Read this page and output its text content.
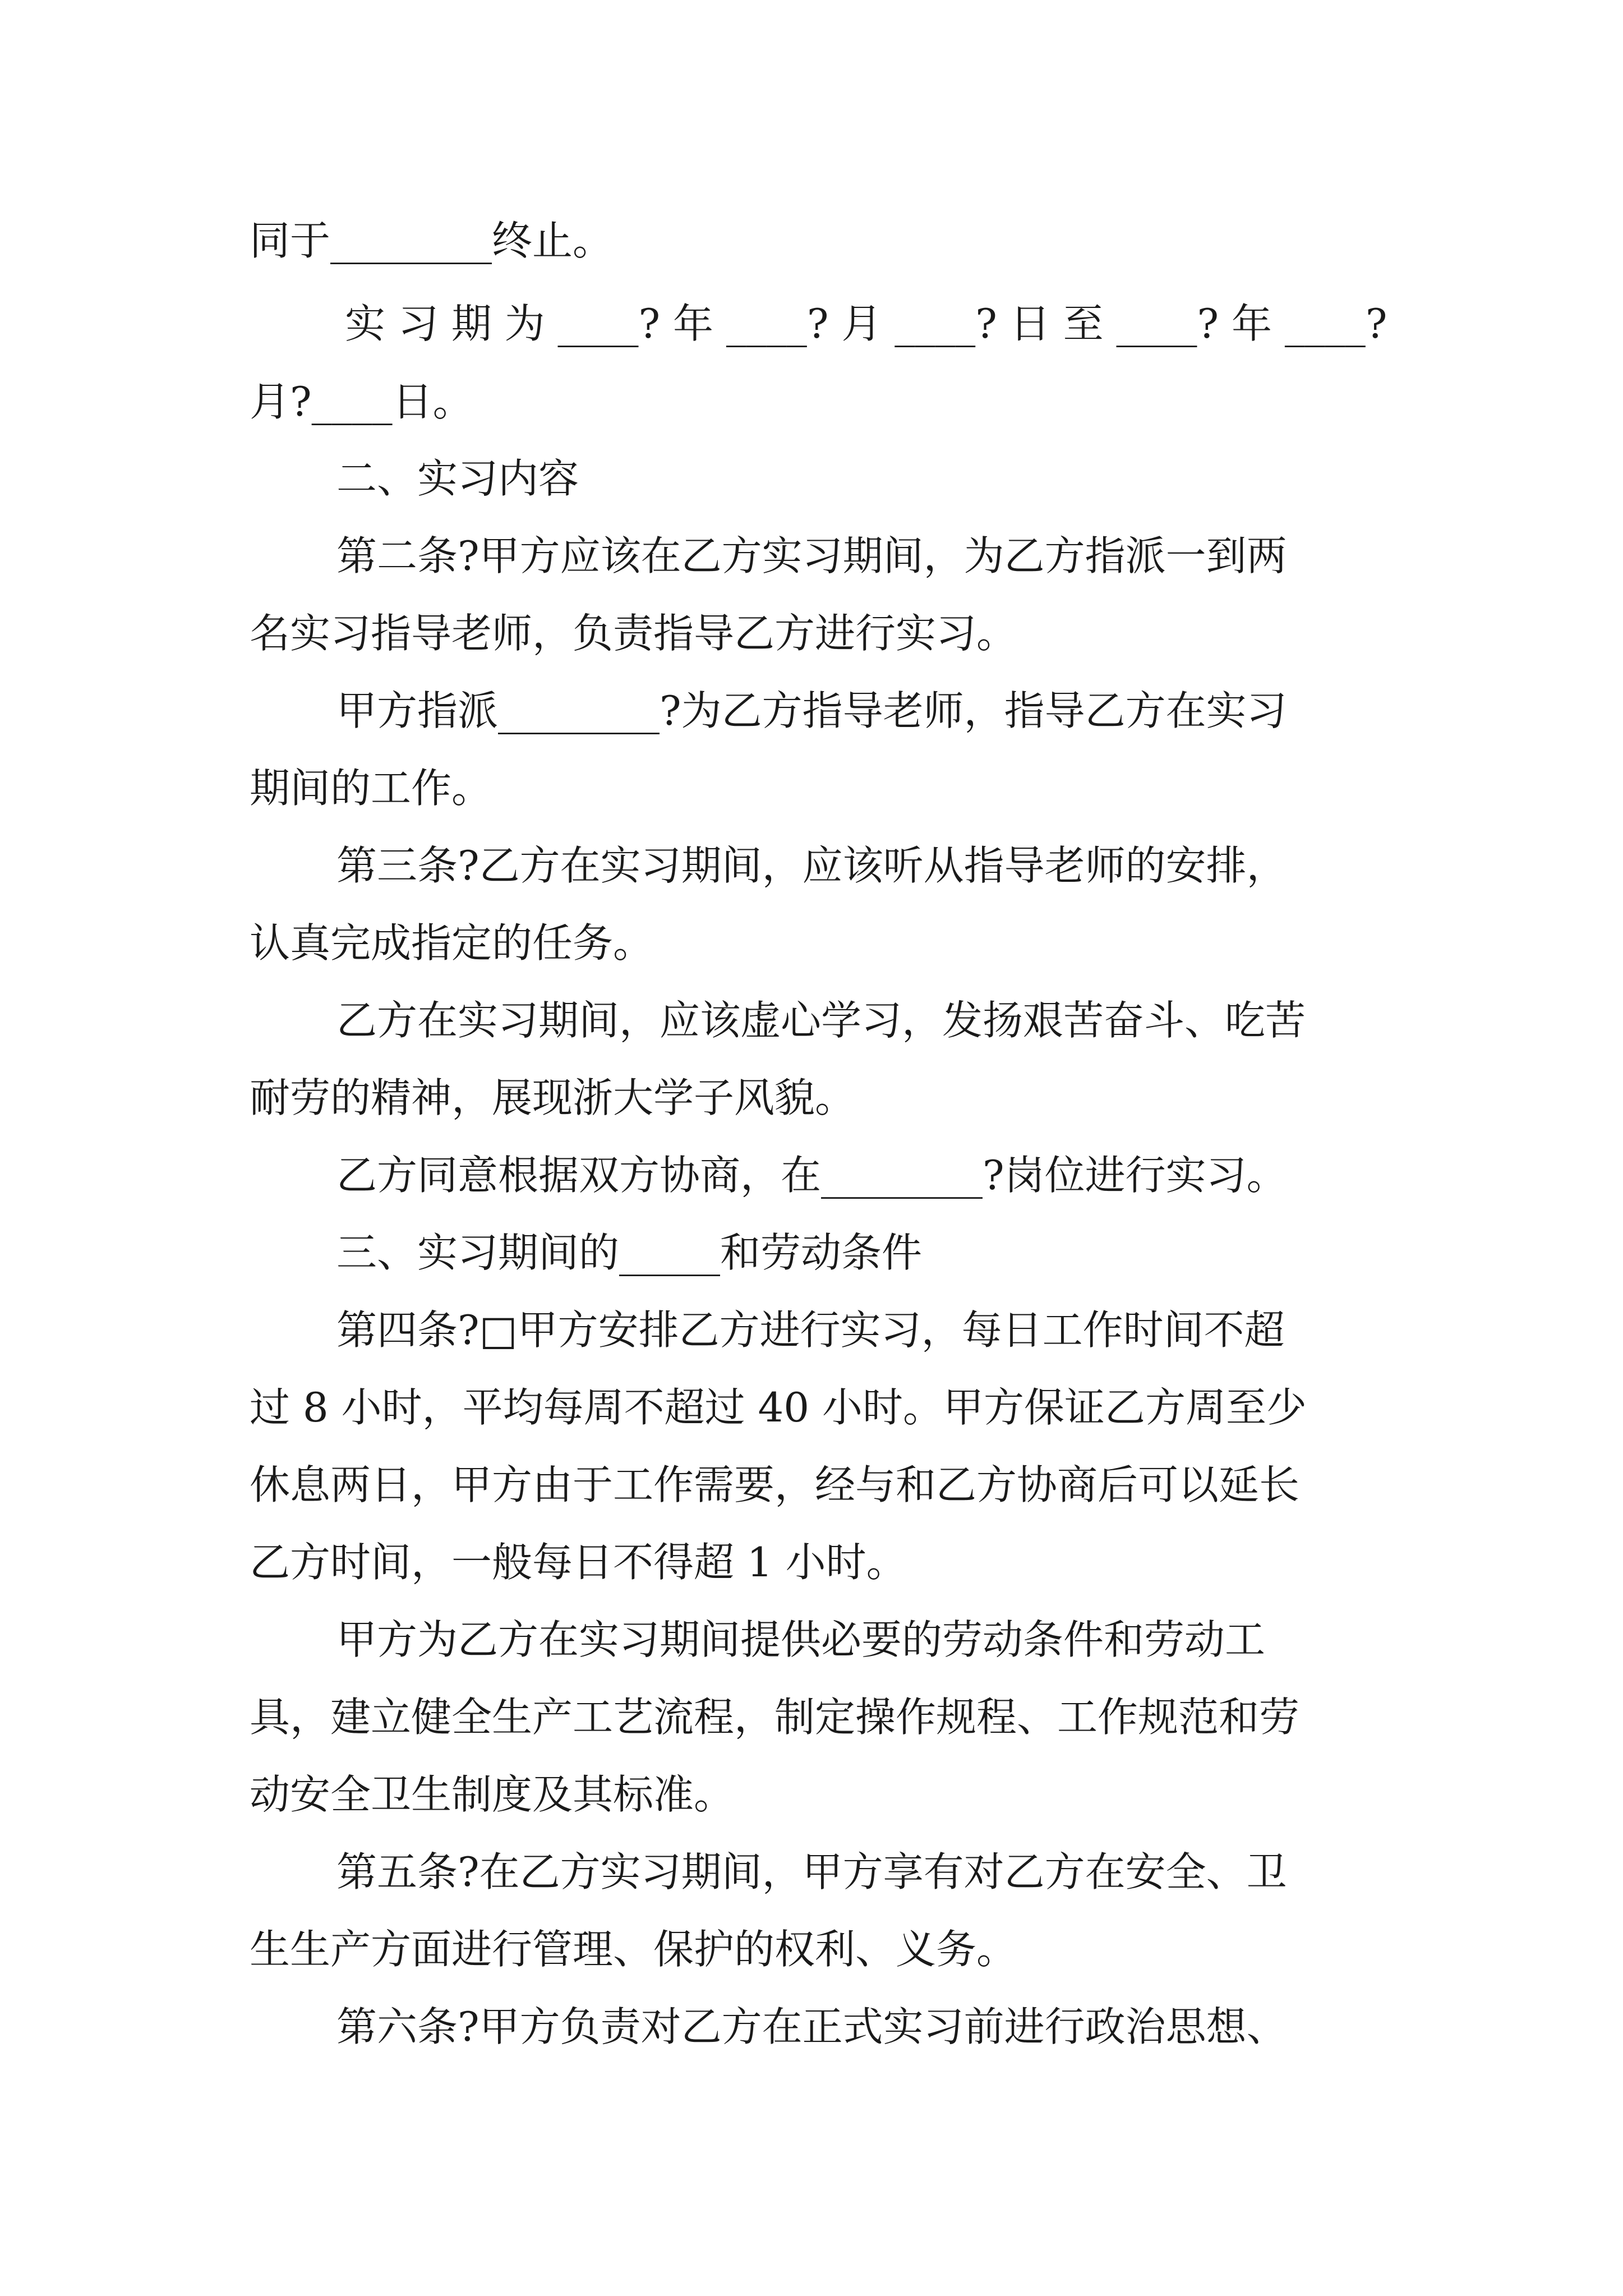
同于________终止。

实 习 期 为 ____? 年 ____? 月 ____? 日 至 ____? 年 ____?

月?____日。

二、实习内容

第二条?甲方应该在乙方实习期间，为乙方指派一到两

名实习指导老师，负责指导乙方进行实习。

甲方指派________?为乙方指导老师，指导乙方在实习

期间的工作。

第三条?乙方在实习期间，应该听从指导老师的安排，

认真完成指定的任务。

乙方在实习期间，应该虚心学习，发扬艰苦奋斗、吃苦

耐劳的精神，展现浙大学子风貌。

乙方同意根据双方协商，在________?岗位进行实习。

三、实习期间的_____和劳动条件

第四条?□甲方安排乙方进行实习，每日工作时间不超

过 8 小时，平均每周不超过 40 小时。甲方保证乙方周至少

休息两日，甲方由于工作需要，经与和乙方协商后可以延长

乙方时间，一般每日不得超 1 小时。

甲方为乙方在实习期间提供必要的劳动条件和劳动工

具，建立健全生产工艺流程，制定操作规程、工作规范和劳

动安全卫生制度及其标准。

第五条?在乙方实习期间，甲方享有对乙方在安全、卫

生生产方面进行管理、保护的权利、义务。

第六条?甲方负责对乙方在正式实习前进行政治思想、
